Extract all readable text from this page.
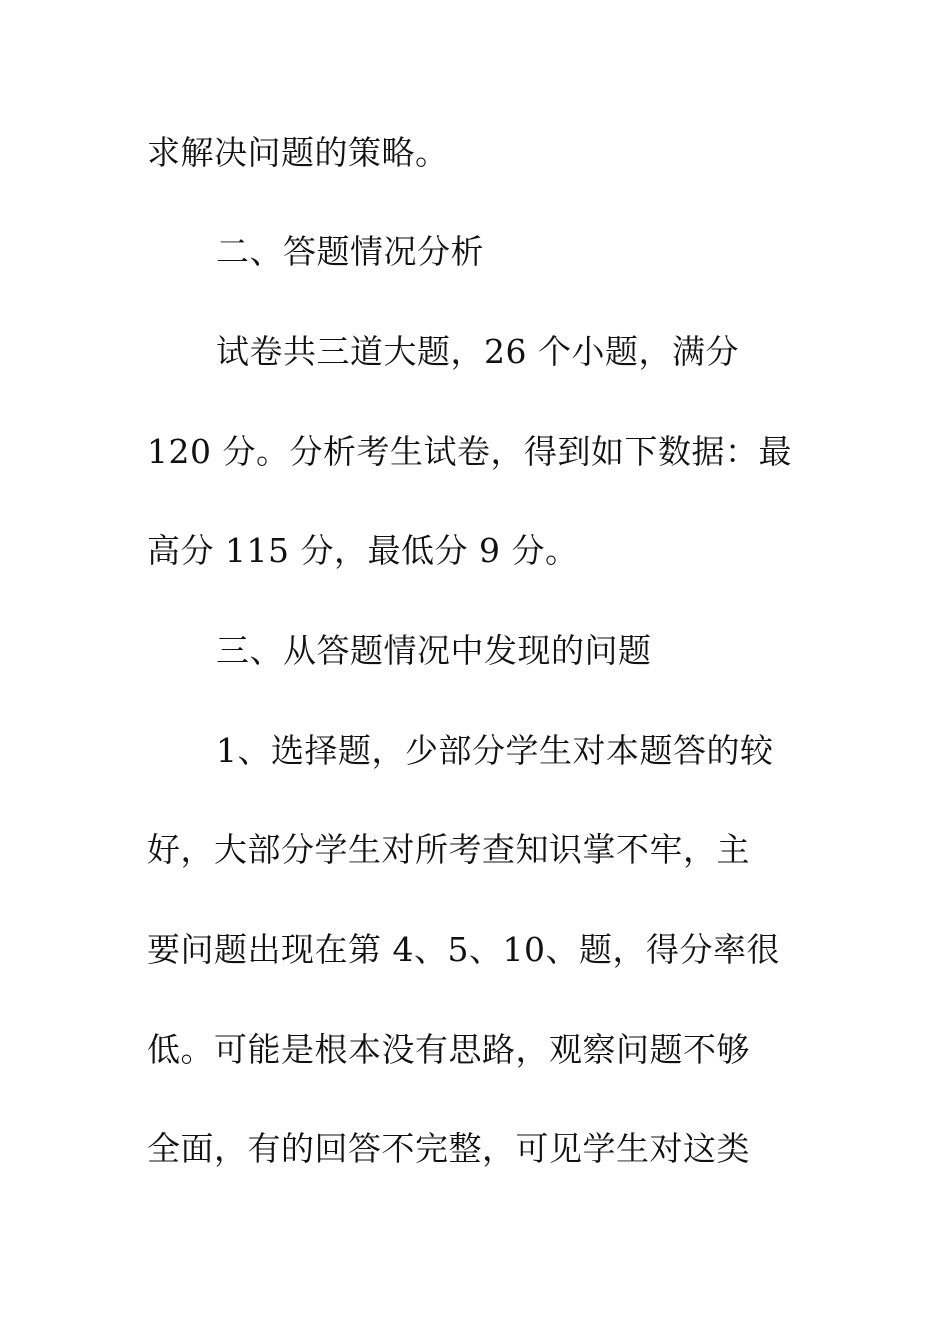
求解决问题的策略。
二、答题情况分析
试卷共三道大题，26 个小题，满分
120 分。分析考生试卷，得到如下数据：最
高分 115 分，最低分 9 分。
三、从答题情况中发现的问题
1、选择题，少部分学生对本题答的较
好，大部分学生对所考查知识掌不牢，主
要问题出现在第 4、5、10、题，得分率很
低。可能是根本没有思路，观察问题不够
全面，有的回答不完整，可见学生对这类
